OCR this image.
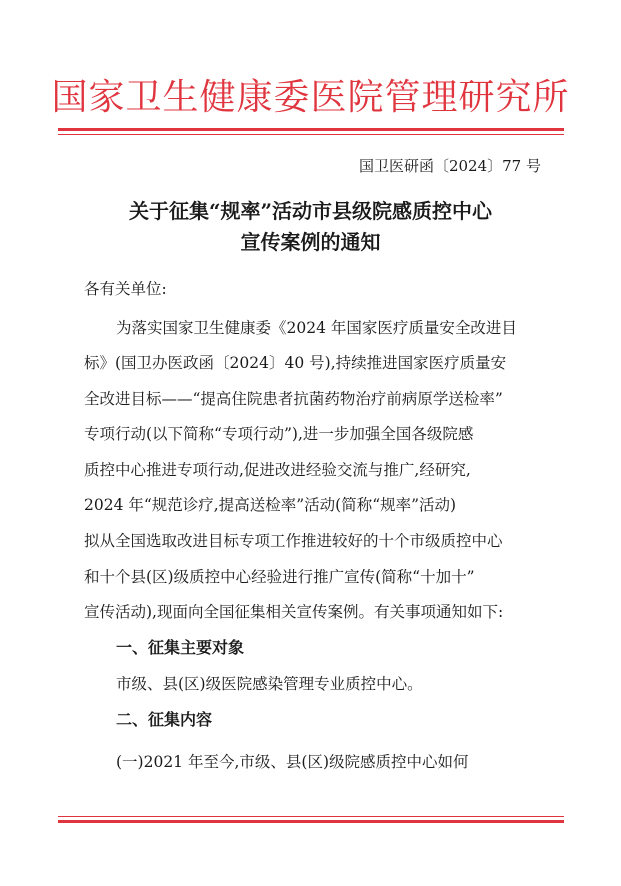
国家卫生健康委医院管理研究所
国卫医研函〔2024〕77 号
关于征集“规率”活动市县级院感质控中心
宣传案例的通知
各有关单位:
为落实国家卫生健康委《2024 年国家医疗质量安全改进目
标》(国卫办医政函〔2024〕40 号),持续推进国家医疗质量安
全改进目标——“提高住院患者抗菌药物治疗前病原学送检率”
专项行动(以下简称“专项行动”),进一步加强全国各级院感
质控中心推进专项行动,促进改进经验交流与推广,经研究,
2024 年“规范诊疗,提高送检率”活动(简称“规率”活动)
拟从全国选取改进目标专项工作推进较好的十个市级质控中心
和十个县(区)级质控中心经验进行推广宣传(简称“十加十”
宣传活动),现面向全国征集相关宣传案例。有关事项通知如下:
一、征集主要对象
市级、县(区)级医院感染管理专业质控中心。
二、征集内容
(一)2021 年至今,市级、县(区)级院感质控中心如何
